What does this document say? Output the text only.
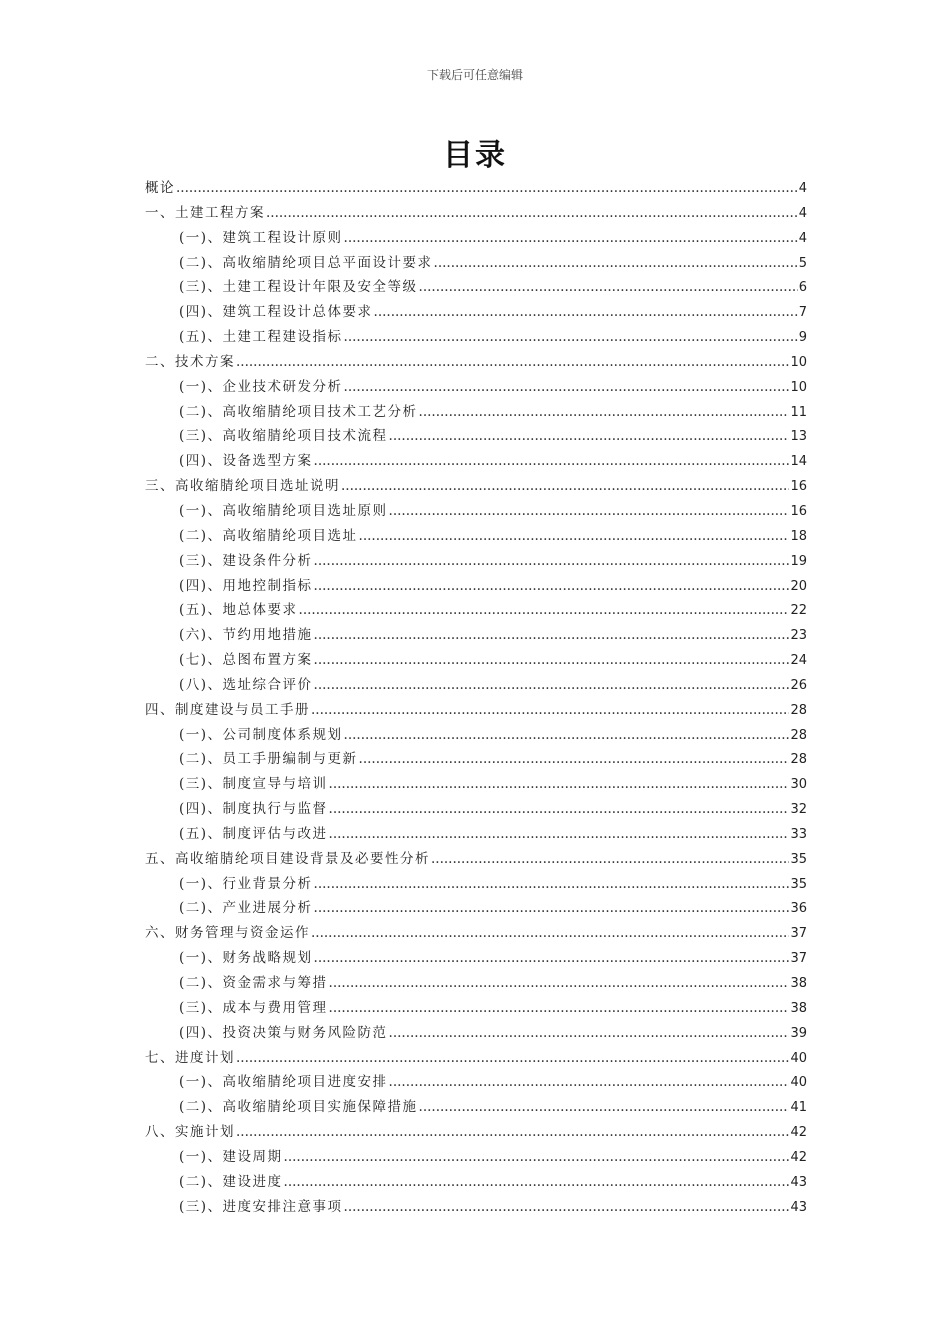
下载后可任意编辑
目录
概论 .....	4
一、土建工程方案 .....	4
(一)、建筑工程设计原则 .....	4
(二)、高收缩腈纶项目总平面设计要求 .....	5
(三)、土建工程设计年限及安全等级 .....	6
(四)、建筑工程设计总体要求 .....	7
(五)、土建工程建设指标 .....	9
二、技术方案 .....	10
(一)、企业技术研发分析 .....	10
(二)、高收缩腈纶项目技术工艺分析 .....	11
(三)、高收缩腈纶项目技术流程 .....	13
(四)、设备选型方案 .....	14
三、高收缩腈纶项目选址说明 .....	16
(一)、高收缩腈纶项目选址原则 .....	16
(二)、高收缩腈纶项目选址 .....	18
(三)、建设条件分析 .....	19
(四)、用地控制指标 .....	20
(五)、地总体要求 .....	22
(六)、节约用地措施 .....	23
(七)、总图布置方案 .....	24
(八)、选址综合评价 .....	26
四、制度建设与员工手册 .....	28
(一)、公司制度体系规划 .....	28
(二)、员工手册编制与更新 .....	28
(三)、制度宣导与培训 .....	30
(四)、制度执行与监督 .....	32
(五)、制度评估与改进 .....	33
五、高收缩腈纶项目建设背景及必要性分析 .....	35
(一)、行业背景分析 .....	35
(二)、产业进展分析 .....	36
六、财务管理与资金运作 .....	37
(一)、财务战略规划 .....	37
(二)、资金需求与筹措 .....	38
(三)、成本与费用管理 .....	38
(四)、投资决策与财务风险防范 .....	39
七、进度计划 .....	40
(一)、高收缩腈纶项目进度安排 .....	40
(二)、高收缩腈纶项目实施保障措施 .....	41
八、实施计划 .....	42
(一)、建设周期 .....	42
(二)、建设进度 .....	43
(三)、进度安排注意事项 .....	43
